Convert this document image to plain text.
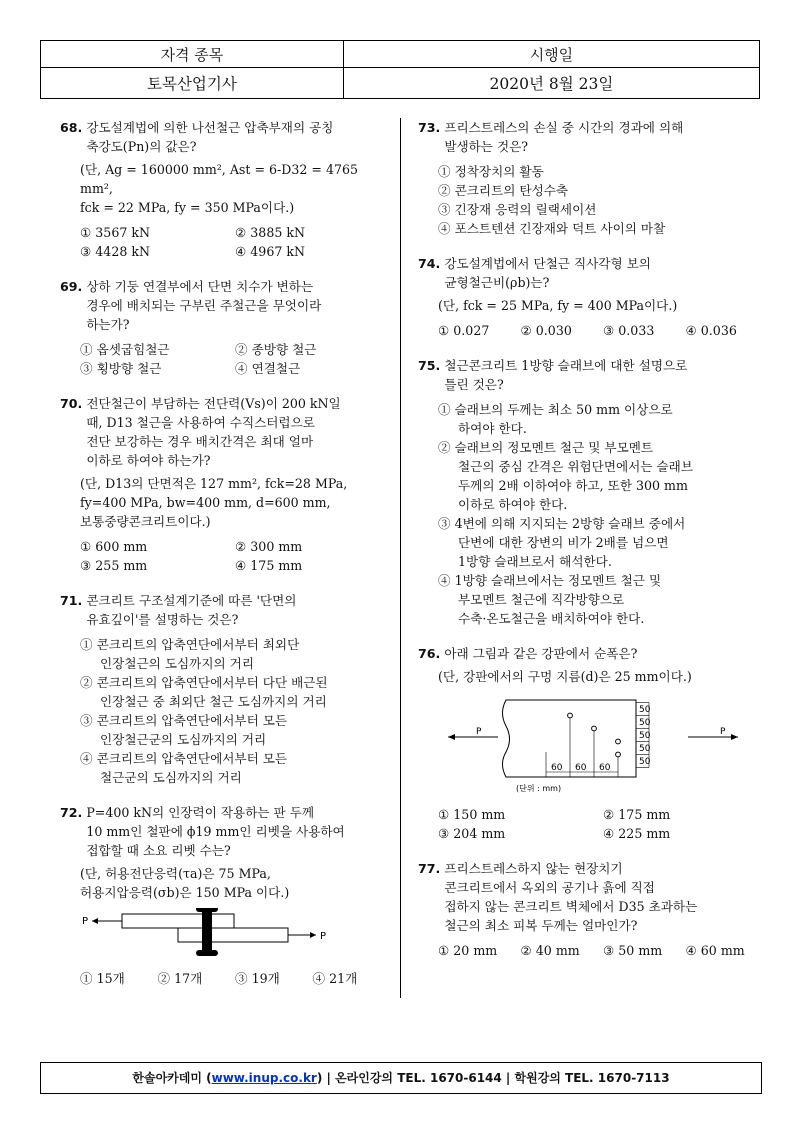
자격 종목	시행일
토목산업기사	2020년 8월 23일
68. 강도설계법에 의한 나선철근 압축부재의 공칭
축강도(Pn)의 값은?
(단, Ag = 160000 mm², Ast = 6-D32 = 4765 mm²,
fck = 22 MPa, fy = 350 MPa이다.)
① 3567 kN	② 3885 kN
③ 4428 kN	④ 4967 kN
69. 상하 기둥 연결부에서 단면 치수가 변하는
경우에 배치되는 구부린 주철근을 무엇이라
하는가?
① 옵셋굽힘철근	② 종방향 철근
③ 횡방향 철근	④ 연결철근
70. 전단철근이 부담하는 전단력(Vs)이 200 kN일
때, D13 철근을 사용하여 수직스터럽으로
전단 보강하는 경우 배치간격은 최대 얼마
이하로 하여야 하는가?
(단, D13의 단면적은 127 mm², fck=28 MPa,
fy=400 MPa, bw=400 mm, d=600 mm,
보통중량콘크리트이다.)
① 600 mm	② 300 mm
③ 255 mm	④ 175 mm
71. 콘크리트 구조설계기준에 따른 '단면의
유효깊이'를 설명하는 것은?
① 콘크리트의 압축연단에서부터 최외단
인장철근의 도심까지의 거리
② 콘크리트의 압축연단에서부터 다단 배근된
인장철근 중 최외단 철근 도심까지의 거리
③ 콘크리트의 압축연단에서부터 모든
인장철근군의 도심까지의 거리
④ 콘크리트의 압축연단에서부터 모든
철근군의 도심까지의 거리
72. P=400 kN의 인장력이 작용하는 판 두께
10 mm인 철판에 ϕ19 mm인 리벳을 사용하여
접합할 때 소요 리벳 수는?
(단, 허용전단응력(τa)은 75 MPa,
허용지압응력(σb)은 150 MPa 이다.)
P
P
① 15개	② 17개	③ 19개	④ 21개
73. 프리스트레스의 손실 중 시간의 경과에 의해
발생하는 것은?
① 정착장치의 활동
② 콘크리트의 탄성수축
③ 긴장재 응력의 릴랙세이션
④ 포스트텐션 긴장재와 덕트 사이의 마찰
74. 강도설계법에서 단철근 직사각형 보의
균형철근비(ρb)는?
(단, fck = 25 MPa, fy = 400 MPa이다.)
① 0.027	② 0.030	③ 0.033	④ 0.036
75. 철근콘크리트 1방향 슬래브에 대한 설명으로
틀린 것은?
① 슬래브의 두께는 최소 50 mm 이상으로
하여야 한다.
② 슬래브의 정모멘트 철근 및 부모멘트
철근의 중심 간격은 위험단면에서는 슬래브
두께의 2배 이하여야 하고, 또한 300 mm
이하로 하여야 한다.
③ 4변에 의해 지지되는 2방향 슬래브 중에서
단변에 대한 장변의 비가 2배를 넘으면
1방향 슬래브로서 해석한다.
④ 1방향 슬래브에서는 정모멘트 철근 및
부모멘트 철근에 직각방향으로
수축·온도철근을 배치하여야 한다.
76. 아래 그림과 같은 강판에서 순폭은?
(단, 강판에서의 구멍 지름(d)은 25 mm이다.)
P
50
50
50
50
50
60 60 60
P
(단위 : mm)
① 150 mm	② 175 mm
③ 204 mm	④ 225 mm
77. 프리스트레스하지 않는 현장치기
콘크리트에서 옥외의 공기나 흙에 직접
접하지 않는 콘크리트 벽체에서 D35 초과하는
철근의 최소 피복 두께는 얼마인가?
① 20 mm	② 40 mm	③ 50 mm	④ 60 mm
한솔아카데미 (www.inup.co.kr) | 온라인강의 TEL. 1670-6144 | 학원강의 TEL. 1670-7113
